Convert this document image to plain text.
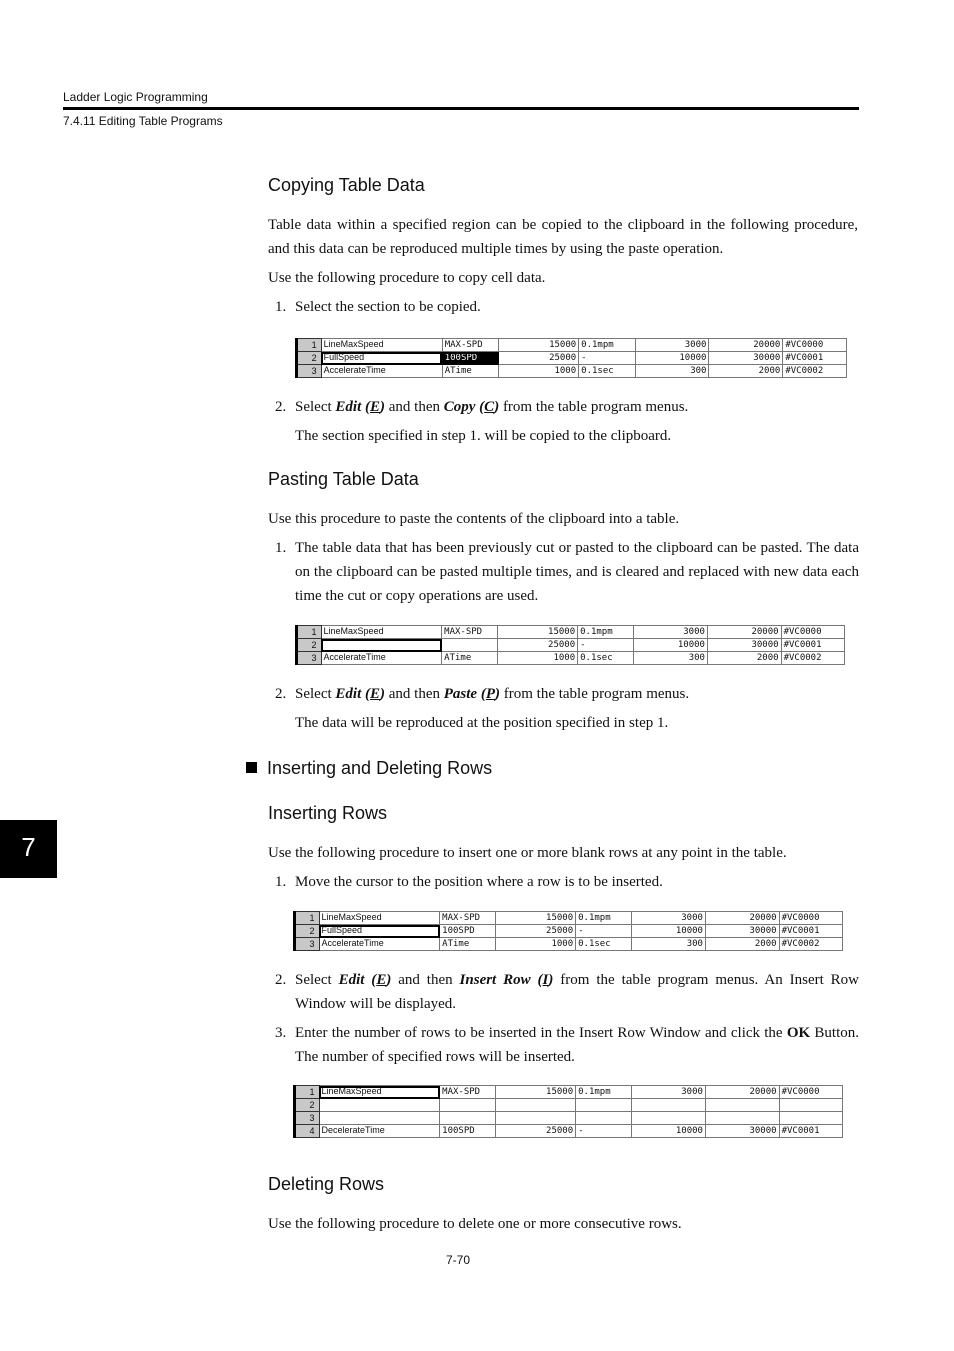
Ladder Logic Programming
7.4.11 Editing Table Programs
7
Copying Table Data
Table data within a specified region can be copied to the clipboard in the following procedure, and this data can be reproduced multiple times by using the paste operation.
Use the following procedure to copy cell data.
1. Select the section to be copied.
1	LineMaxSpeed	MAX-SPD	15000	0.1mpm	3000	20000	#VC0000
2	FullSpeed	100SPD	25000	-	10000	30000	#VC0001
3	AccelerateTime	ATime	1000	0.1sec	300	2000	#VC0002
2. Select Edit (E) and then Copy (C) from the table program menus.
The section specified in step 1. will be copied to the clipboard.
Pasting Table Data
Use this procedure to paste the contents of the clipboard into a table.
1. The table data that has been previously cut or pasted to the clipboard can be pasted. The data on the clipboard can be pasted multiple times, and is cleared and replaced with new data each time the cut or copy operations are used.
1	LineMaxSpeed	MAX-SPD	15000	0.1mpm	3000	20000	#VC0000
2			25000	-	10000	30000	#VC0001
3	AccelerateTime	ATime	1000	0.1sec	300	2000	#VC0002
2. Select Edit (E) and then Paste (P) from the table program menus.
The data will be reproduced at the position specified in step 1.
Inserting and Deleting Rows
Inserting Rows
Use the following procedure to insert one or more blank rows at any point in the table.
1. Move the cursor to the position where a row is to be inserted.
1	LineMaxSpeed	MAX-SPD	15000	0.1mpm	3000	20000	#VC0000
2	FullSpeed	100SPD	25000	-	10000	30000	#VC0001
3	AccelerateTime	ATime	1000	0.1sec	300	2000	#VC0002
2. Select Edit (E) and then Insert Row (I) from the table program menus. An Insert Row Window will be displayed.
3. Enter the number of rows to be inserted in the Insert Row Window and click the OK Button. The number of specified rows will be inserted.
1	LineMaxSpeed	MAX-SPD	15000	0.1mpm	3000	20000	#VC0000
2							
3							
4	DecelerateTime	100SPD	25000	-	10000	30000	#VC0001
Deleting Rows
Use the following procedure to delete one or more consecutive rows.
7-70
